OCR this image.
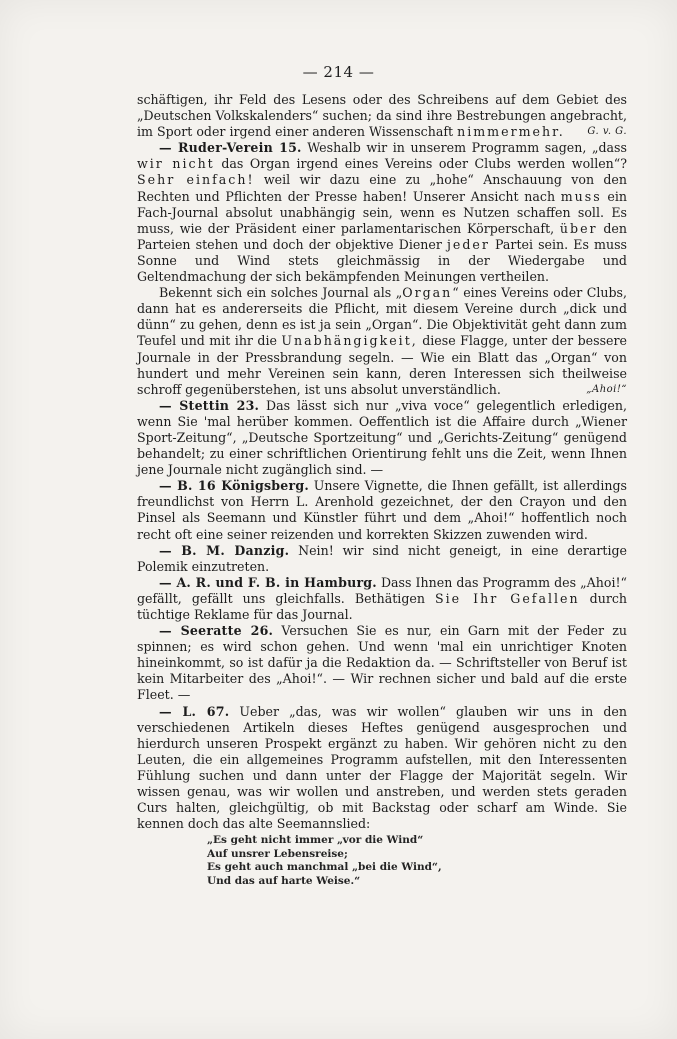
— 214 —

schäftigen, ihr Feld des Lesens oder des Schreibens auf dem Gebiet des „Deutschen Volkskalenders“ suchen; da sind ihre Bestrebungen angebracht, im Sport oder irgend einer anderen Wissenschaft nimmermehr. G. v. G.

— Ruder-Verein 15. Weshalb wir in unserem Programm sagen, „dass wir nicht das Organ irgend eines Vereins oder Clubs werden wollen“? Sehr einfach! weil wir dazu eine zu „hohe“ Anschauung von den Rechten und Pflichten der Presse haben! Unserer Ansicht nach muss ein Fach-Journal absolut unabhängig sein, wenn es Nutzen schaffen soll. Es muss, wie der Präsident einer parlamentarischen Körperschaft, über den Parteien stehen und doch der objektive Diener jeder Partei sein. Es muss Sonne und Wind stets gleichmässig in der Wiedergabe und Geltendmachung der sich bekämpfenden Meinungen vertheilen.

Bekennt sich ein solches Journal als „Organ“ eines Vereins oder Clubs, dann hat es andererseits die Pflicht, mit diesem Vereine durch „dick und dünn“ zu gehen, denn es ist ja sein „Organ“. Die Objektivität geht dann zum Teufel und mit ihr die Unabhängigkeit, diese Flagge, unter der bessere Journale in der Pressbrandung segeln. — Wie ein Blatt das „Organ“ von hundert und mehr Vereinen sein kann, deren Interessen sich theilweise schroff gegenüberstehen, ist uns absolut unverständlich.	„Ahoi!“

— Stettin 23. Das lässt sich nur „viva voce“ gelegentlich erledigen, wenn Sie 'mal herüber kommen. Oeffentlich ist die Affaire durch „Wiener Sport-Zeitung“, „Deutsche Sportzeitung“ und „Gerichts-Zeitung“ genügend behandelt; zu einer schriftlichen Orientirung fehlt uns die Zeit, wenn Ihnen jene Journale nicht zugänglich sind. —

— B. 16 Königsberg. Unsere Vignette, die Ihnen gefällt, ist allerdings freundlichst von Herrn L. Arenhold gezeichnet, der den Crayon und den Pinsel als Seemann und Künstler führt und dem „Ahoi!“ hoffentlich noch recht oft eine seiner reizenden und korrekten Skizzen zuwenden wird.

— B. M. Danzig. Nein! wir sind nicht geneigt, in eine derartige Polemik einzutreten.

— A. R. und F. B. in Hamburg. Dass Ihnen das Programm des „Ahoi!“ gefällt, gefällt uns gleichfalls. Bethätigen Sie Ihr Gefallen durch tüchtige Reklame für das Journal.

— Seeratte 26. Versuchen Sie es nur, ein Garn mit der Feder zu spinnen; es wird schon gehen. Und wenn 'mal ein unrichtiger Knoten hineinkommt, so ist dafür ja die Redaktion da. — Schriftsteller von Beruf ist kein Mitarbeiter des „Ahoi!“. — Wir rechnen sicher und bald auf die erste Fleet. —

— L. 67. Ueber „das, was wir wollen“ glauben wir uns in den verschiedenen Artikeln dieses Heftes genügend ausgesprochen und hierdurch unseren Prospekt ergänzt zu haben. Wir gehören nicht zu den Leuten, die ein allgemeines Programm aufstellen, mit den Interessenten Fühlung suchen und dann unter der Flagge der Majorität segeln. Wir wissen genau, was wir wollen und anstreben, und werden stets geraden Curs halten, gleichgültig, ob mit Backstag oder scharf am Winde. Sie kennen doch das alte Seemannslied:

„Es geht nicht immer „vor die Wind“
Auf unsrer Lebensreise;
Es geht auch manchmal „bei die Wind“,
Und das auf harte Weise.“
